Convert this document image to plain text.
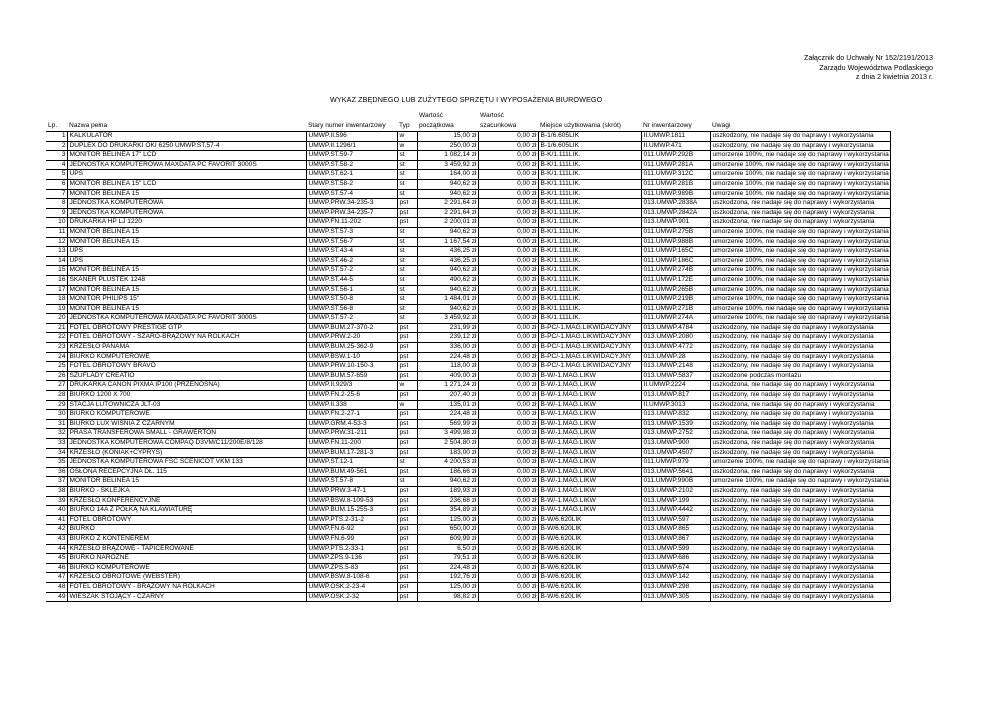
Załącznik do Uchwały Nr 152/2191/2013
Zarządu Województwa Podlaskiego
z dnia 2 kwietnia 2013 r.
WYKAZ ZBĘDNEGO LUB ZUŻYTEGO SPRZĘTU I WYPOSAŻENIA BIUROWEGO
				Wartość	Wartość			
Lp.	Nazwa pełna	Stary numer inwentarzowy	Typ	początkowa	szacunkowa	Miejsce użytkowania (skrót)	Nr inwentarzowy	Uwagi
1	KALKULATOR	UMWP.II.596	w	15,00 zł	0,00 zł	B-1/6.605LIK	II.UMWP.1811	uszkodzony, nie nadaje się do naprawy i wykorzystania
2	DUPLEX DO DRUKARKI OKI 6250 UMWP.ST.57-4	UMWP.II.1296/1	w	250,00 zł	0,00 zł	B-1/6.605LIK	II.UMWP.471	uszkodzony, nie nadaje się do naprawy i wykorzystania
3	MONITOR BELINEA 17" LCD	UMWP.ST.59-7	st	1 082,14 zł	0,00 zł	B-K/1.111LIK.	011.UMWP.292B	umorzenie 100%, nie nadaje się do naprawy i wykorzystania
4	JEDNOSTKA KOMPUTEROWA MAXDATA PC FAVORIT 3000S	UMWP.ST.58-2	st	3 459,92 zł	0,00 zł	B-K/1.111LIK.	011.UMWP.281A	umorzenie 100%, nie nadaje się do naprawy i wykorzystania
5	UPS	UMWP.ST.62-1	st	164,00 zł	0,00 zł	B-K/1.111LIK.	011.UMWP.312C	umorzenie 100%, nie nadaje się do naprawy i wykorzystania
6	MONITOR BELINEA 15" LCD	UMWP.ST.58-2	st	940,62 zł	0,00 zł	B-K/1.111LIK.	011.UMWP.281B	umorzenie 100%, nie nadaje się do naprawy i wykorzystania
7	MONITOR BELINEA 15	UMWP.ST.57-4	st	940,62 zł	0,00 zł	B-K/1.111LIK.	011.UMWP.989B	umorzenie 100%, nie nadaje się do naprawy i wykorzystania
8	JEDNOSTKA KOMPUTEROWA	UMWP.PRW.34-235-3	pst	2 291,64 zł	0,00 zł	B-K/1.111LIK.	013.UMWP.2838A	uszkodzona, nie nadaje się do naprawy i wykorzystania
9	JEDNOSTKA KOMPUTEROWA	UMWP.PRW.34-235-7	pst	2 291,64 zł	0,00 zł	B-K/1.111LIK.	013.UMWP.2842A	uszkodzona, nie nadaje się do naprawy i wykorzystania
10	DRUKARKA HP LJ 1220	UMWP.FN.11-202	pst	2 200,01 zł	0,00 zł	B-K/1.111LIK.	013.UMWP.901	uszkodzona, nie nadaje się do naprawy i wykorzystania
11	MONITOR BELINEA 15	UMWP.ST.57-3	st	940,62 zł	0,00 zł	B-K/1.111LIK.	011.UMWP.275B	umorzenie 100%, nie nadaje się do naprawy i wykorzystania
12	MONITOR BELINEA 15	UMWP.ST.56-7	st	1 167,54 zł	0,00 zł	B-K/1.111LIK.	011.UMWP.988B	umorzenie 100%, nie nadaje się do naprawy i wykorzystania
13	UPS	UMWP.ST.43-4	st	436,25 zł	0,00 zł	B-K/1.111LIK.	011.UMWP.165C	umorzenie 100%, nie nadaje się do naprawy i wykorzystania
14	UPS	UMWP.ST.46-2	st	436,25 zł	0,00 zł	B-K/1.111LIK.	011.UMWP.186C	umorzenie 100%, nie nadaje się do naprawy i wykorzystania
15	MONITOR BELINEA 15	UMWP.ST.57-2	st	940,62 zł	0,00 zł	B-K/1.111LIK.	011.UMWP.274B	umorzenie 100%, nie nadaje się do naprawy i wykorzystania
16	SKANER PLUSTEK 1248	UMWP.ST.44-5	st	490,62 zł	0,00 zł	B-K/1.111LIK.	011.UMWP.172E	umorzenie 100%, nie nadaje się do naprawy i wykorzystania
17	MONITOR BELINEA 15	UMWP.ST.56-1	st	940,62 zł	0,00 zł	B-K/1.111LIK.	011.UMWP.265B	umorzenie 100%, nie nadaje się do naprawy i wykorzystania
18	MONITOR PHILIPS 15"	UMWP.ST.50-8	st	1 484,01 zł	0,00 zł	B-K/1.111LIK.	011.UMWP.219B	umorzenie 100%, nie nadaje się do naprawy i wykorzystania
19	MONITOR BELINEA 15	UMWP.ST.56-8	st	940,62 zł	0,00 zł	B-K/1.111LIK.	011.UMWP.271B	umorzenie 100%, nie nadaje się do naprawy i wykorzystania
20	JEDNOSTKA KOMPUTEROWA MAXDATA PC FAVORIT 3000S	UMWP.ST.57-2	st	3 459,92 zł	0,00 zł	B-K/1.111LIK.	011.UMWP.274A	umorzenie 100%, nie nadaje się do naprawy i wykorzystania
21	FOTEL OBROTOWY PRESTIGE GTP	UMWP.BUM.27-370-2	pst	231,99 zł	0,00 zł	B-PC/-1.MAG.LIKWIDACYJNY	013.UMWP.4784	uszkodzony, nie nadaje się do naprawy i wykorzystania
22	FOTEL OBROTOWY - SZARO-BRĄZOWY NA ROLKACH	UMWP.PRW.2-20	pst	239,12 zł	0,00 zł	B-PC/-1.MAG.LIKWIDACYJNY	013.UMWP.2080	uszkodzony, nie nadaje się do naprawy i wykorzystania
23	KRZESŁO PANAMA	UMWP.BUM.25-362-9	pst	336,00 zł	0,00 zł	B-PC/-1.MAG.LIKWIDACYJNY	013.UMWP.4772	uszkodzony, nie nadaje się do naprawy i wykorzystania
24	BIURKO KOMPUTEROWE	UMWP.BSW.1-10	pst	224,48 zł	0,00 zł	B-PC/-1.MAG.LIKWIDACYJNY	013.UMWP.28	uszkodzony, nie nadaje się do naprawy i wykorzystania
25	FOTEL OBROTOWY BRAVO	UMWP.PRW.10-150-3	pst	118,00 zł	0,00 zł	B-PC/-1.MAG.LIKWIDACYJNY	013.UMWP.2148	uszkodzony, nie nadaje się do naprawy i wykorzystania
26	SZUFLADY CREATIO	UMWP.BUM.57-659	pst	409,00 zł	0,00 zł	B-W/-1.MAG.LIKW	013.UMWP.5837	uszkodzone podczas montażu
27	DRUKARKA CANON PIXMA IP100 (PRZENOŚNA)	UMWP.II.929/3	w	1 271,24 zł	0,00 zł	B-W/-1.MAG.LIKW	II.UMWP.2224	uszkodzona, nie nadaje się do naprawy i wykorzystania
28	BIURKO 1200 X 700	UMWP.FN.2-25-6	pst	207,40 zł	0,00 zł	B-W/-1.MAG.LIKW	013.UMWP.817	uszkodzony, nie nadaje się do naprawy i wykorzystania
29	STACJA LUTOWNICZA JLT-03	UMWP.II.338	w	135,01 zł	0,00 zł	B-W/-1.MAG.LIKW	II.UMWP.3013	uszkodzona, nie nadaje się do naprawy i wykorzystania
30	BIURKO KOMPUTEROWE	UMWP.FN.2-27-1	pst	224,48 zł	0,00 zł	B-W/-1.MAG.LIKW	013.UMWP.832	uszkodzony, nie nadaje się do naprawy i wykorzystania
31	BIURKO LUX WIŚNIA Z CZARNYM	UMWP.GRM.4-53-3	pst	569,99 zł	0,00 zł	B-W/-1.MAG.LIKW	013.UMWP.1539	uszkodzony, nie nadaje się do naprawy i wykorzystania
32	PRASA TRANSFEROWA SMALL - GRAWERTON	UMWP.PRW.31-211	pst	3 499,98 zł	0,00 zł	B-W/-1.MAG.LIKW	013.UMWP.2752	uszkodzona, nie nadaje się do naprawy i wykorzystania
33	JEDNOSTKA KOMPUTEROWA COMPAQ D3VM/C11/200E/8/128	UMWP.FN.11-200	pst	2 504,80 zł	0,00 zł	B-W/-1.MAG.LIKW	013.UMWP.900	uszkodzona, nie nadaje się do naprawy i wykorzystania
34	KRZESŁO (KONIAK+CYPRYS)	UMWP.BUM.17-281-3	pst	183,00 zł	0,00 zł	B-W/-1.MAG.LIKW	013.UMWP.4507	uszkodzony, nie nadaje się do naprawy i wykorzystania
35	JEDNOSTKA KOMPUTEROWA FSC SCENICOT VKM 133	UMWP.ST.12-1	st	4 200,53 zł	0,00 zł	B-W/-1.MAG.LIKW	011.UMWP.979	umorzenie 100%, nie nadaje się do naprawy i wykorzystania
36	OSŁONA RECEPCYJNA DŁ. 115	UMWP.BUM.49-561	pst	186,66 zł	0,00 zł	B-W/-1.MAG.LIKW	013.UMWP.5641	uszkodzona, nie nadaje się do naprawy i wykorzystania
37	MONITOR BELINEA 15	UMWP.ST.57-8	st	940,62 zł	0,00 zł	B-W/-1.MAG.LIKW	011.UMWP.990B	umorzenie 100%, nie nadaje się do naprawy i wykorzystania
38	BIURKO - SKLEJKA	UMWP.PRW.3-47-1	pst	189,93 zł	0,00 zł	B-W/-1.MAG.LIKW	013.UMWP.2102	uszkodzony, nie nadaje się do naprawy i wykorzystania
39	KRZESŁO KONFERENCYJNE	UMWP.BSW.8-109-53	pst	236,68 zł	0,00 zł	B-W/-1.MAG.LIKW	013.UMWP.199	uszkodzony, nie nadaje się do naprawy i wykorzystania
40	BIURKO 14A Z PÓŁKĄ NA KLAWIATURĘ	UMWP.BUM.15-255-3	pst	354,89 zł	0,00 zł	B-W/-1.MAG.LIKW	013.UMWP.4442	uszkodzony, nie nadaje się do naprawy i wykorzystania
41	FOTEL OBROTOWY	UMWP.PTS.2-31-2	pst	125,00 zł	0,00 zł	B-W/6.620LIK	013.UMWP.597	uszkodzony, nie nadaje się do naprawy i wykorzystania
42	BIURKO	UMWP.FN.6-92	pst	650,00 zł	0,00 zł	B-W/6.620LIK	013.UMWP.865	uszkodzony, nie nadaje się do naprawy i wykorzystania
43	BIURKO Z KONTENEREM	UMWP.FN.6-99	pst	609,99 zł	0,00 zł	B-W/6.620LIK	013.UMWP.867	uszkodzony, nie nadaje się do naprawy i wykorzystania
44	KRZESŁO BRĄZOWE - TAPICEROWANE	UMWP.PTS.2-33-1	pst	6,50 zł	0,00 zł	B-W/6.620LIK	013.UMWP.599	uszkodzony, nie nadaje się do naprawy i wykorzystania
45	BIURKO NAROŻNE	UMWP.ZPS.9-136	pst	79,51 zł	0,00 zł	B-W/6.620LIK	013.UMWP.686	uszkodzony, nie nadaje się do naprawy i wykorzystania
46	BIURKO KOMPUTEROWE	UMWP.ZPS.5-83	pst	224,48 zł	0,00 zł	B-W/6.620LIK	013.UMWP.674	uszkodzony, nie nadaje się do naprawy i wykorzystania
47	KRZESŁO OBROTOWE (WEBSTER)	UMWP.BSW.8-108-6	pst	192,76 zł	0,00 zł	B-W/6.620LIK	013.UMWP.142	uszkodzony, nie nadaje się do naprawy i wykorzystania
48	FOTEL OBROTOWY - BRĄZOWY NA ROLKACH	UMWP.OŚK.2-23-4	pst	125,00 zł	0,00 zł	B-W/6.620LIK	013.UMWP.298	uszkodzony, nie nadaje się do naprawy i wykorzystania
49	WIESZAK STOJĄCY - CZARNY	UMWP.OŚK.2-32	pst	98,82 zł	0,00 zł	B-W/6.620LIK	013.UMWP.305	uszkodzony, nie nadaje się do naprawy i wykorzystania
